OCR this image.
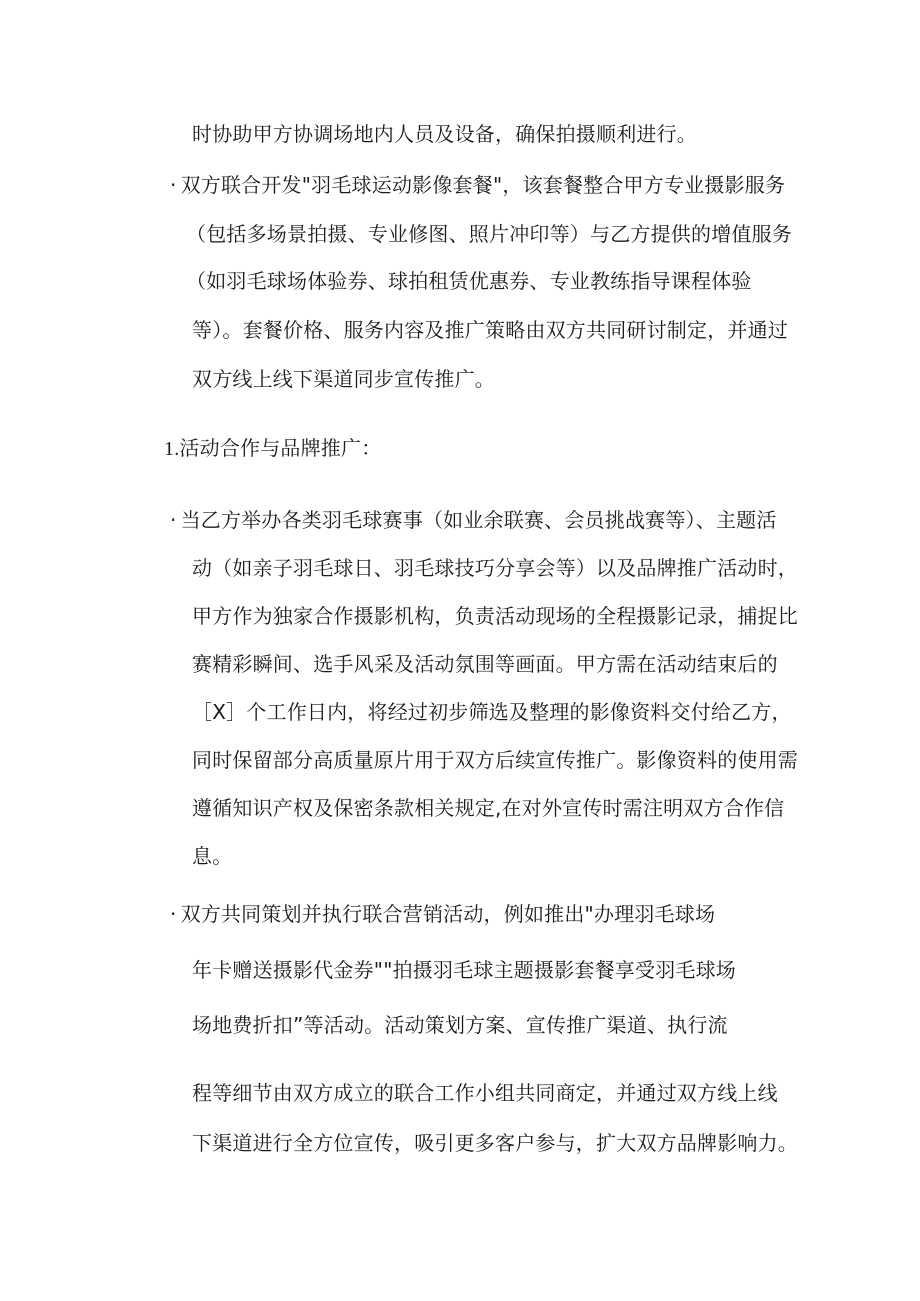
时协助甲方协调场地内人员及设备，确保拍摄顺利进行。
· 双方联合开发"羽毛球运动影像套餐"，该套餐整合甲方专业摄影服务
（包括多场景拍摄、专业修图、照片冲印等）与乙方提供的增值服务
（如羽毛球场体验券、球拍租赁优惠券、专业教练指导课程体验
等）。套餐价格、服务内容及推广策略由双方共同研讨制定，并通过
双方线上线下渠道同步宣传推广。
1.活动合作与品牌推广：
· 当乙方举办各类羽毛球赛事（如业余联赛、会员挑战赛等）、主题活
动（如亲子羽毛球日、羽毛球技巧分享会等）以及品牌推广活动时，
甲方作为独家合作摄影机构，负责活动现场的全程摄影记录，捕捉比
赛精彩瞬间、选手风采及活动氛围等画面。甲方需在活动结束后的
［X］个工作日内，将经过初步筛选及整理的影像资料交付给乙方，
同时保留部分高质量原片用于双方后续宣传推广。影像资料的使用需
遵循知识产权及保密条款相关规定,在对外宣传时需注明双方合作信
息。
· 双方共同策划并执行联合营销活动，例如推出"办理羽毛球场
年卡赠送摄影代金券""拍摄羽毛球主题摄影套餐享受羽毛球场
场地费折扣”等活动。活动策划方案、宣传推广渠道、执行流
程等细节由双方成立的联合工作小组共同商定，并通过双方线上线
下渠道进行全方位宣传，吸引更多客户参与，扩大双方品牌影响力。
